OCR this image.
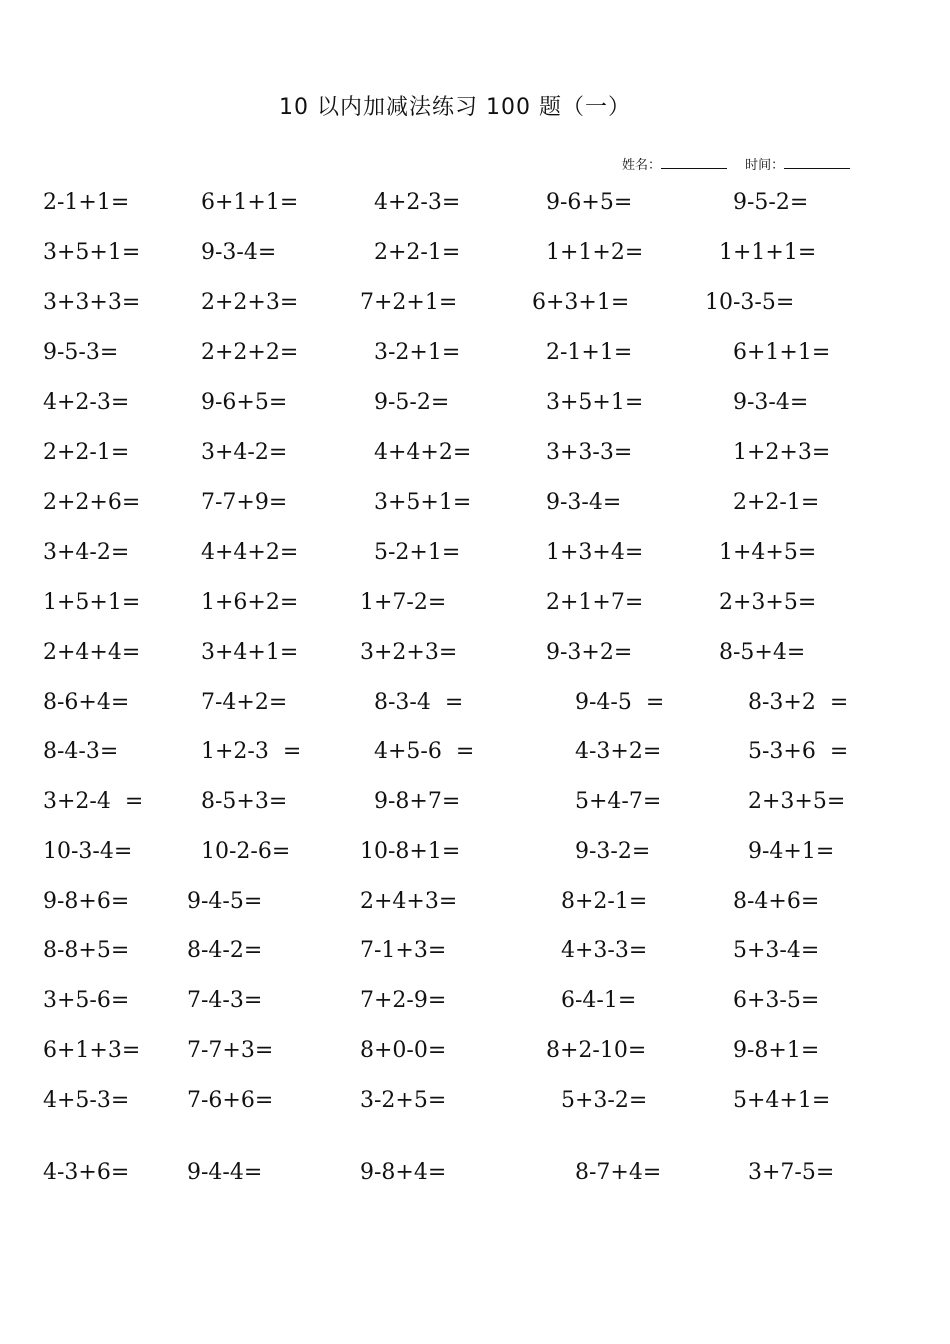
10 以内加减法练习 100 题（一）
姓名：	时间：
2-1+1=	6+1+1=	4+2-3=	9-6+5=	9-5-2=
3+5+1=	9-3-4=	2+2-1=	1+1+2=	1+1+1=
3+3+3=	2+2+3=	7+2+1=	6+3+1=	10-3-5=
9-5-3=	2+2+2=	3-2+1=	2-1+1=	6+1+1=
4+2-3=	9-6+5=	9-5-2=	3+5+1=	9-3-4=
2+2-1=	3+4-2=	4+4+2=	3+3-3=	1+2+3=
2+2+6=	7-7+9=	3+5+1=	9-3-4=	2+2-1=
3+4-2=	4+4+2=	5-2+1=	1+3+4=	1+4+5=
1+5+1=	1+6+2=	1+7-2=	2+1+7=	2+3+5=
2+4+4=	3+4+1=	3+2+3=	9-3+2=	8-5+4=
8-6+4=	7-4+2=	8-3-4  =	9-4-5  =	8-3+2  =
8-4-3=	1+2-3  =	4+5-6  =	4-3+2=	5-3+6  =
3+2-4  =	8-5+3=	9-8+7=	5+4-7=	2+3+5=
10-3-4=	10-2-6=	10-8+1=	9-3-2=	9-4+1=
9-8+6=	9-4-5=	2+4+3=	8+2-1=	8-4+6=
8-8+5=	8-4-2=	7-1+3=	4+3-3=	5+3-4=
3+5-6=	7-4-3=	7+2-9=	6-4-1=	6+3-5=
6+1+3= 7-7+3=	8+0-0=	8+2-10=	9-8+1=
4+5-3=	7-6+6=	3-2+5=	5+3-2=	5+4+1=
4-3+6=	9-4-4=	9-8+4=	8-7+4=	3+7-5=
